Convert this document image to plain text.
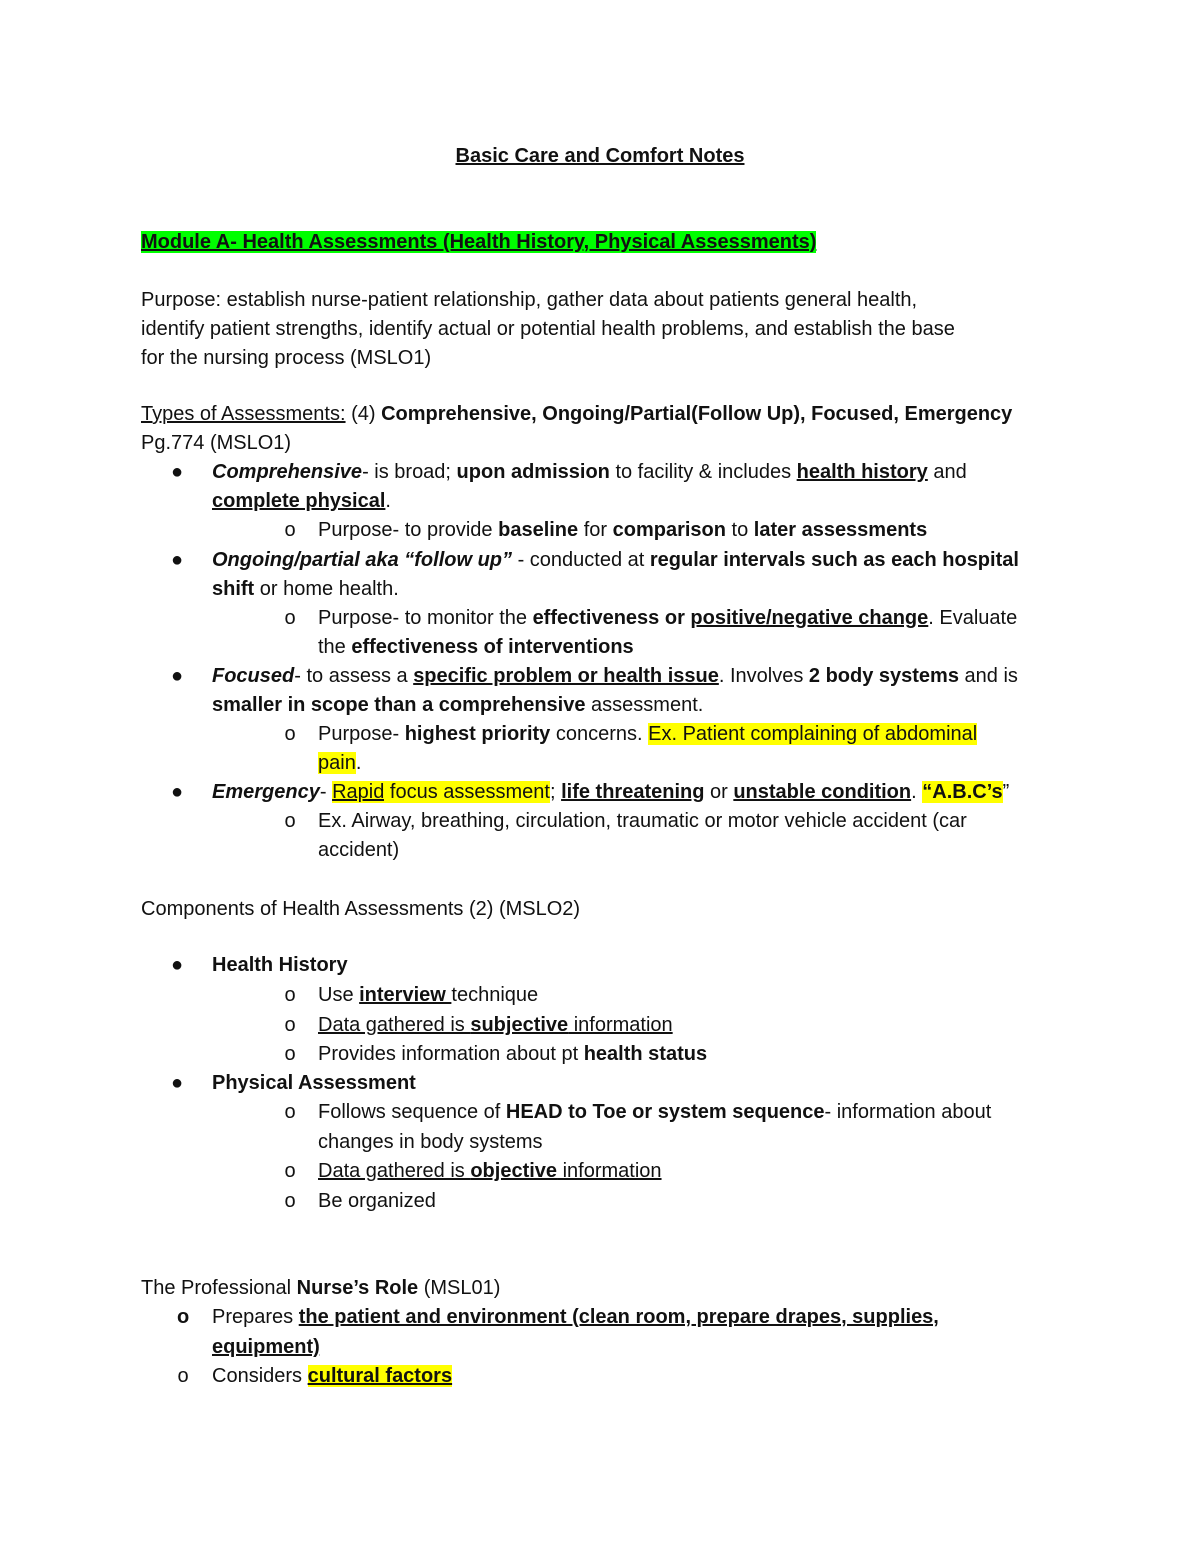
Basic Care and Comfort Notes
Module A- Health Assessments (Health History, Physical Assessments)
Purpose: establish nurse-patient relationship, gather data about patients general health,
identify patient strengths, identify actual or potential health problems, and establish the base
for the nursing process (MSLO1)
Types of Assessments: (4) Comprehensive, Ongoing/Partial(Follow Up), Focused, Emergency
Pg.774 (MSLO1)
● Comprehensive- is broad; upon admission to facility & includes health history and
complete physical.
o Purpose- to provide baseline for comparison to later assessments
● Ongoing/partial aka “follow up” - conducted at regular intervals such as each hospital
shift or home health.
o Purpose- to monitor the effectiveness or positive/negative change. Evaluate
the effectiveness of interventions
● Focused- to assess a specific problem or health issue. Involves 2 body systems and is
smaller in scope than a comprehensive assessment.
o Purpose- highest priority concerns. Ex. Patient complaining of abdominal
pain.
● Emergency- Rapid focus assessment; life threatening or unstable condition. “A.B.C’s”
o Ex. Airway, breathing, circulation, traumatic or motor vehicle accident (car
accident)
Components of Health Assessments (2) (MSLO2)
● Health History
o Use interview technique
o Data gathered is subjective information
o Provides information about pt health status
● Physical Assessment
o Follows sequence of HEAD to Toe or system sequence- information about
changes in body systems
o Data gathered is objective information
o Be organized
The Professional Nurse’s Role (MSL01)
o Prepares the patient and environment (clean room, prepare drapes, supplies,
equipment)
o Considers cultural factors
